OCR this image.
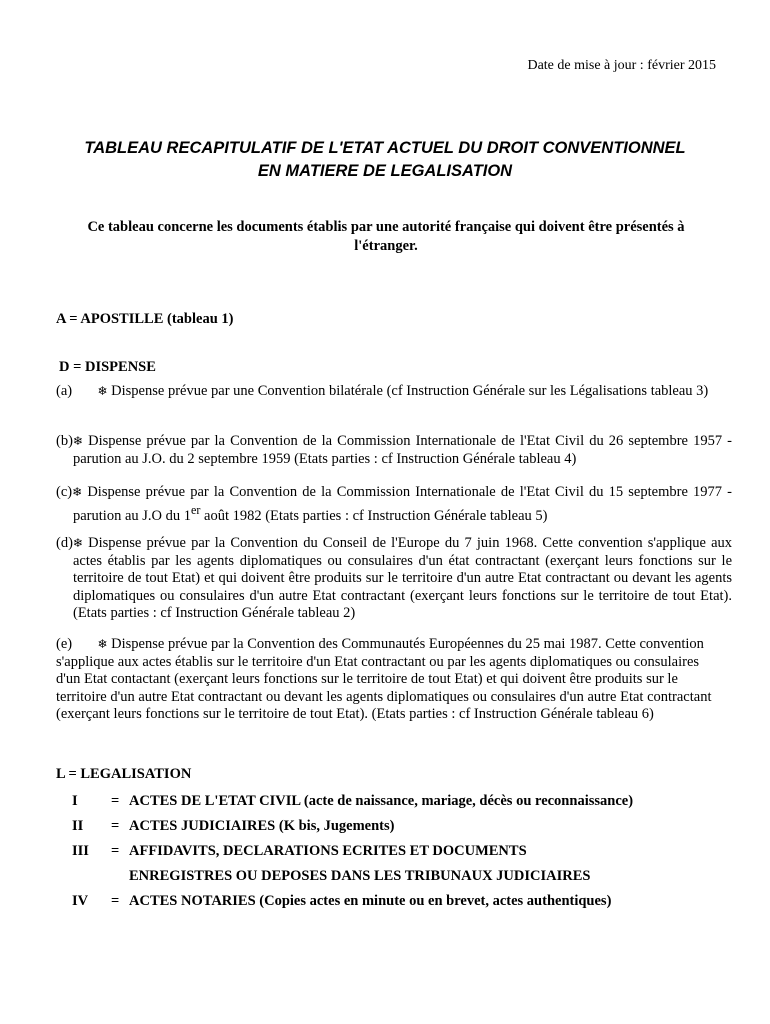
Date de mise à jour : février 2015
TABLEAU RECAPITULATIF DE L'ETAT ACTUEL DU DROIT CONVENTIONNEL
EN MATIERE DE LEGALISATION
Ce tableau concerne les documents établis par une autorité française qui doivent être présentés à l'étranger.
A = APOSTILLE (tableau 1)
D = DISPENSE

(a) ❄ Dispense prévue par une Convention bilatérale (cf Instruction Générale sur les Légalisations tableau 3)

(b)❄ Dispense prévue par la Convention de la Commission Internationale de l'Etat Civil du 26 septembre 1957 - parution au J.O. du 2 septembre 1959 (Etats parties : cf Instruction Générale tableau 4)

(c)❄ Dispense prévue par la Convention de la Commission Internationale de l'Etat Civil du 15 septembre 1977 - parution au J.O du 1er août 1982 (Etats parties : cf Instruction Générale tableau 5)

(d)❄ Dispense prévue par la Convention du Conseil de l'Europe du 7 juin 1968. Cette convention s'applique aux actes établis par les agents diplomatiques ou consulaires d'un état contractant (exerçant leurs fonctions sur le territoire de tout Etat) et qui doivent être produits sur le territoire d'un autre Etat contractant ou devant les agents diplomatiques ou consulaires d'un autre Etat contractant (exerçant leurs fonctions sur le territoire de tout Etat). (Etats parties : cf Instruction Générale tableau 2)

(e) ❄ Dispense prévue par la Convention des Communautés Européennes du 25 mai 1987. Cette convention s'applique aux actes établis sur le territoire d'un Etat contractant ou par les agents diplomatiques ou consulaires d'un Etat contactant (exerçant leurs fonctions sur le territoire de tout Etat) et qui doivent être produits sur le territoire d'un autre Etat contractant ou devant les agents diplomatiques ou consulaires d'un autre Etat contractant (exerçant leurs fonctions sur le territoire de tout Etat). (Etats parties : cf Instruction Générale tableau 6)

L = LEGALISATION
I = ACTES DE L'ETAT CIVIL (acte de naissance, mariage, décès ou reconnaissance)
II = ACTES JUDICIAIRES (K bis, Jugements)
III = AFFIDAVITS, DECLARATIONS ECRITES ET DOCUMENTS
ENREGISTRES OU DEPOSES DANS LES TRIBUNAUX JUDICIAIRES
IV = ACTES NOTARIES (Copies actes en minute ou en brevet, actes authentiques)
